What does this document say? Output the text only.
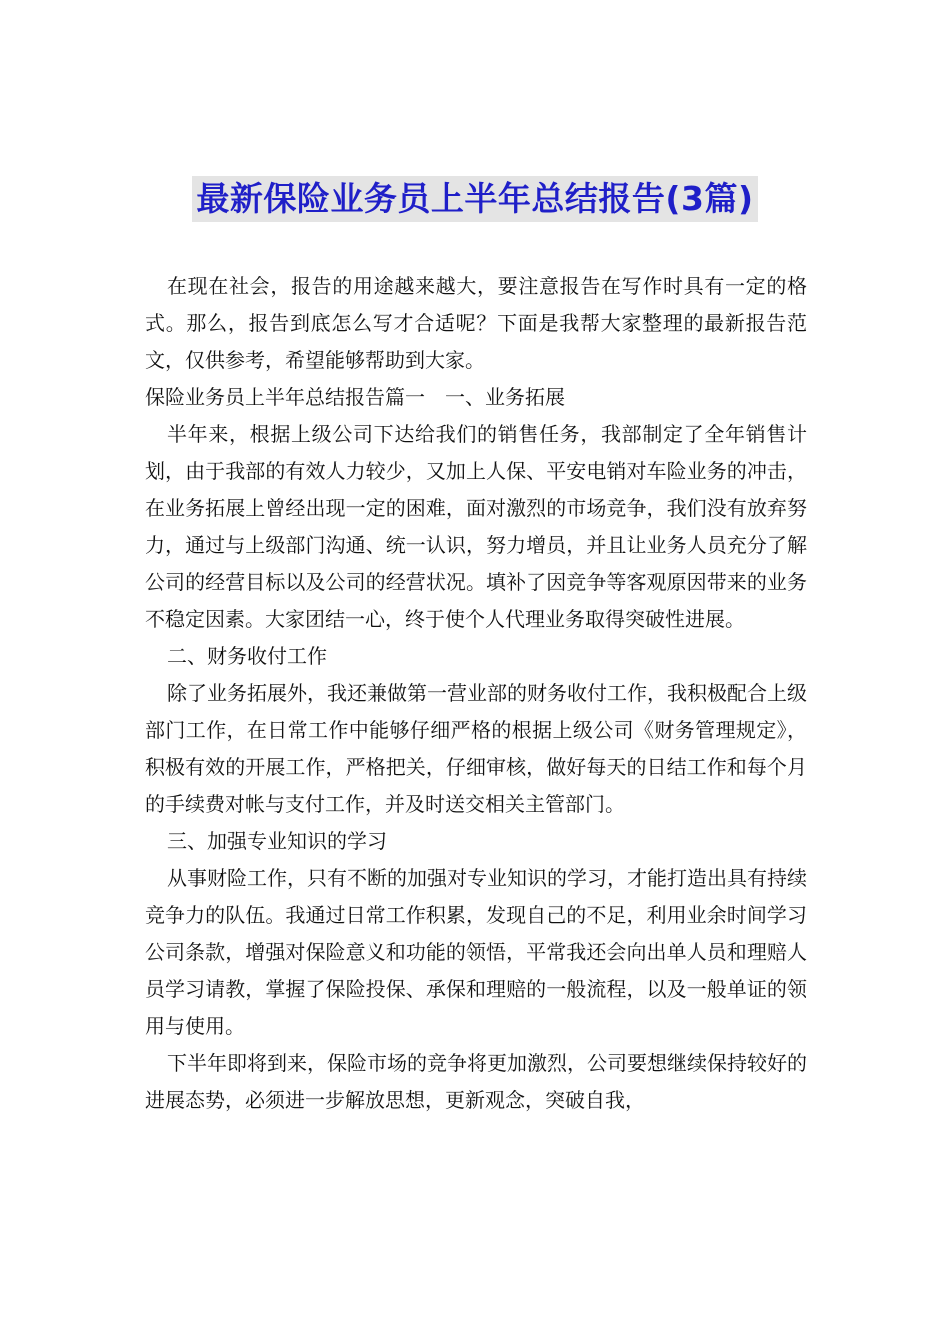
最新保险业务员上半年总结报告(3篇)

在现在社会，报告的用途越来越大，要注意报告在写作时具有一定的格式。那么，报告到底怎么写才合适呢？下面是我帮大家整理的最新报告范文，仅供参考，希望能够帮助到大家。

保险业务员上半年总结报告篇一　一、业务拓展

半年来，根据上级公司下达给我们的销售任务，我部制定了全年销售计划，由于我部的有效人力较少，又加上人保、平安电销对车险业务的冲击，在业务拓展上曾经出现一定的困难，面对激烈的市场竞争，我们没有放弃努力，通过与上级部门沟通、统一认识，努力增员，并且让业务人员充分了解公司的经营目标以及公司的经营状况。填补了因竞争等客观原因带来的业务不稳定因素。大家团结一心，终于使个人代理业务取得突破性进展。

二、财务收付工作

除了业务拓展外，我还兼做第一营业部的财务收付工作，我积极配合上级部门工作，在日常工作中能够仔细严格的根据上级公司《财务管理规定》，积极有效的开展工作，严格把关，仔细审核，做好每天的日结工作和每个月的手续费对帐与支付工作，并及时送交相关主管部门。

三、加强专业知识的学习

从事财险工作，只有不断的加强对专业知识的学习，才能打造出具有持续竞争力的队伍。我通过日常工作积累，发现自己的不足，利用业余时间学习公司条款，增强对保险意义和功能的领悟，平常我还会向出单人员和理赔人员学习请教，掌握了保险投保、承保和理赔的一般流程，以及一般单证的领用与使用。

下半年即将到来，保险市场的竞争将更加激烈，公司要想继续保持较好的进展态势，必须进一步解放思想，更新观念，突破自我，
